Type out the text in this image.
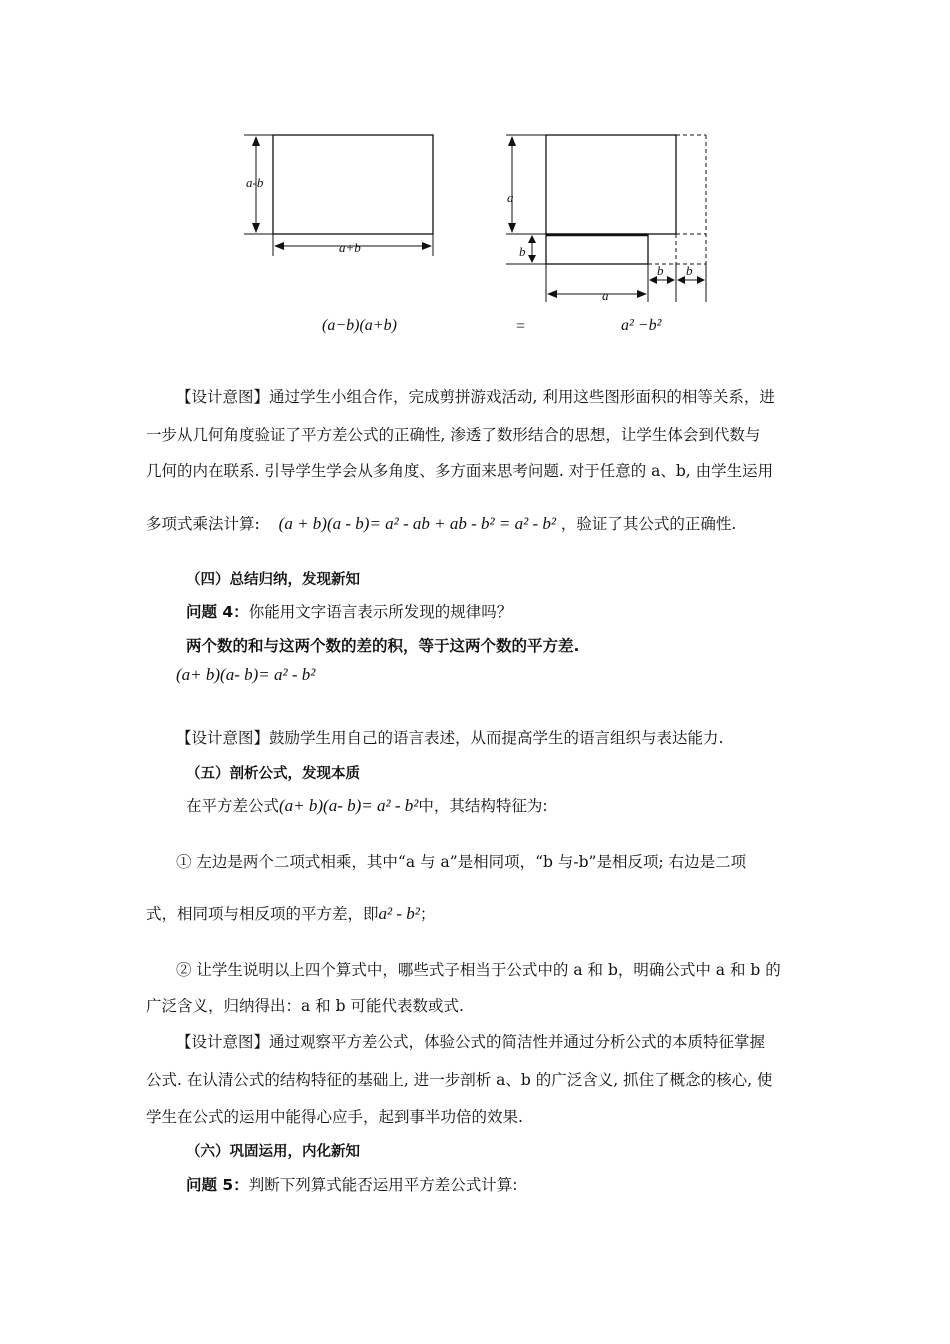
a-b
a+b
a
b
a
b b
(a−b)(a+b)	=	a² −b²
【设计意图】通过学生小组合作，完成剪拼游戏活动, 利用这些图形面积的相等关系，进
一步从几何角度验证了平方差公式的正确性, 渗透了数形结合的思想，让学生体会到代数与
几何的内在联系. 引导学生学会从多角度、多方面来思考问题. 对于任意的 a、b, 由学生运用
多项式乘法计算: (a + b)(a - b)= a² - ab + ab - b² = a² - b² ，验证了其公式的正确性.
（四）总结归纳，发现新知
问题 4：你能用文字语言表示所发现的规律吗？
两个数的和与这两个数的差的积，等于这两个数的平方差.
(a+ b)(a- b)= a² - b²
【设计意图】鼓励学生用自己的语言表述，从而提高学生的语言组织与表达能力.
（五）剖析公式，发现本质
在平方差公式(a+ b)(a- b)= a² - b²中，其结构特征为:
① 左边是两个二项式相乘，其中“a 与 a”是相同项，“b 与-b”是相反项; 右边是二项
式，相同项与相反项的平方差，即a² - b²；
② 让学生说明以上四个算式中，哪些式子相当于公式中的 a 和 b，明确公式中 a 和 b 的
广泛含义，归纳得出：a 和 b 可能代表数或式.
【设计意图】通过观察平方差公式，体验公式的简洁性并通过分析公式的本质特征掌握
公式. 在认清公式的结构特征的基础上, 进一步剖析 a、b 的广泛含义, 抓住了概念的核心, 使
学生在公式的运用中能得心应手，起到事半功倍的效果.
（六）巩固运用，内化新知
问题 5：判断下列算式能否运用平方差公式计算:
